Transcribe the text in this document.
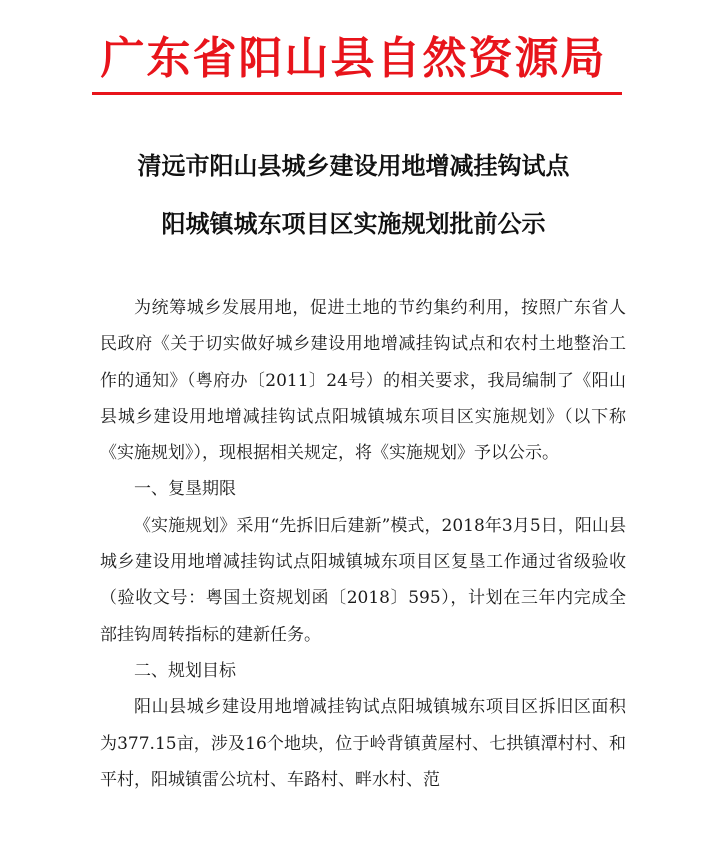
广东省阳山县自然资源局
清远市阳山县城乡建设用地增减挂钩试点
阳城镇城东项目区实施规划批前公示

为统筹城乡发展用地，促进土地的节约集约利用，按照广东省人民政府《关于切实做好城乡建设用地增减挂钩试点和农村土地整治工作的通知》（粤府办〔2011〕24号）的相关要求，我局编制了《阳山县城乡建设用地增减挂钩试点阳城镇城东项目区实施规划》（以下称《实施规划》），现根据相关规定，将《实施规划》予以公示。

一、复垦期限

《实施规划》采用“先拆旧后建新”模式，2018年3月5日，阳山县城乡建设用地增减挂钩试点阳城镇城东项目区复垦工作通过省级验收（验收文号：粤国土资规划函〔2018〕595），计划在三年内完成全部挂钩周转指标的建新任务。

二、规划目标

阳山县城乡建设用地增减挂钩试点阳城镇城东项目区拆旧区面积为377.15亩，涉及16个地块，位于岭背镇黄屋村、七拱镇潭村村、和平村，阳城镇雷公坑村、车路村、畔水村、范
